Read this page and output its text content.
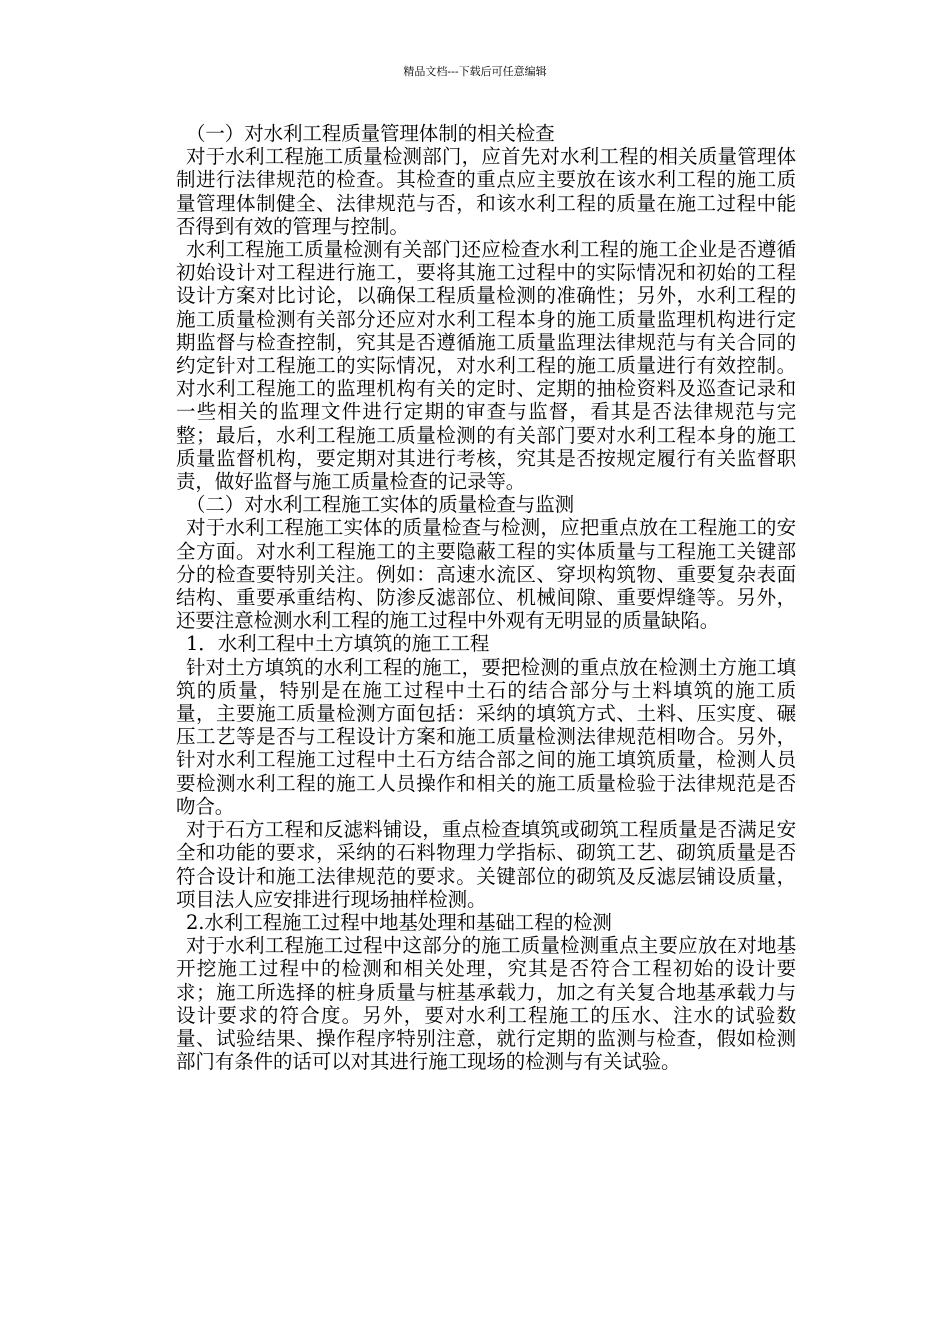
精品文档---下载后可任意编辑

（一）对水利工程质量管理体制的相关检查

对于水利工程施工质量检测部门，应首先对水利工程的相关质量管理体制进行法律规范的检查。其检查的重点应主要放在该水利工程的施工质量管理体制健全、法律规范与否，和该水利工程的质量在施工过程中能否得到有效的管理与控制。

水利工程施工质量检测有关部门还应检查水利工程的施工企业是否遵循初始设计对工程进行施工，要将其施工过程中的实际情况和初始的工程设计方案对比讨论，以确保工程质量检测的准确性；另外，水利工程的施工质量检测有关部分还应对水利工程本身的施工质量监理机构进行定期监督与检查控制，究其是否遵循施工质量监理法律规范与有关合同的约定针对工程施工的实际情况，对水利工程的施工质量进行有效控制。对水利工程施工的监理机构有关的定时、定期的抽检资料及巡查记录和一些相关的监理文件进行定期的审查与监督，看其是否法律规范与完整；最后，水利工程施工质量检测的有关部门要对水利工程本身的施工质量监督机构，要定期对其进行考核，究其是否按规定履行有关监督职责，做好监督与施工质量检查的记录等。

（二）对水利工程施工实体的质量检查与监测

对于水利工程施工实体的质量检查与检测，应把重点放在工程施工的安全方面。对水利工程施工的主要隐蔽工程的实体质量与工程施工关键部分的检查要特别关注。例如：高速水流区、穿坝构筑物、重要复杂表面结构、重要承重结构、防渗反滤部位、机械间隙、重要焊缝等。另外，还要注意检测水利工程的施工过程中外观有无明显的质量缺陷。

1．水利工程中土方填筑的施工工程

针对土方填筑的水利工程的施工，要把检测的重点放在检测土方施工填筑的质量，特别是在施工过程中土石的结合部分与土料填筑的施工质量，主要施工质量检测方面包括：采纳的填筑方式、土料、压实度、碾压工艺等是否与工程设计方案和施工质量检测法律规范相吻合。另外，针对水利工程施工过程中土石方结合部之间的施工填筑质量，检测人员要检测水利工程的施工人员操作和相关的施工质量检验于法律规范是否吻合。

对于石方工程和反滤料铺设，重点检查填筑或砌筑工程质量是否满足安全和功能的要求，采纳的石料物理力学指标、砌筑工艺、砌筑质量是否符合设计和施工法律规范的要求。关键部位的砌筑及反滤层铺设质量，项目法人应安排进行现场抽样检测。

2.水利工程施工过程中地基处理和基础工程的检测

对于水利工程施工过程中这部分的施工质量检测重点主要应放在对地基开挖施工过程中的检测和相关处理，究其是否符合工程初始的设计要求；施工所选择的桩身质量与桩基承载力，加之有关复合地基承载力与设计要求的符合度。另外，要对水利工程施工的压水、注水的试验数量、试验结果、操作程序特别注意，就行定期的监测与检查，假如检测部门有条件的话可以对其进行施工现场的检测与有关试验。
